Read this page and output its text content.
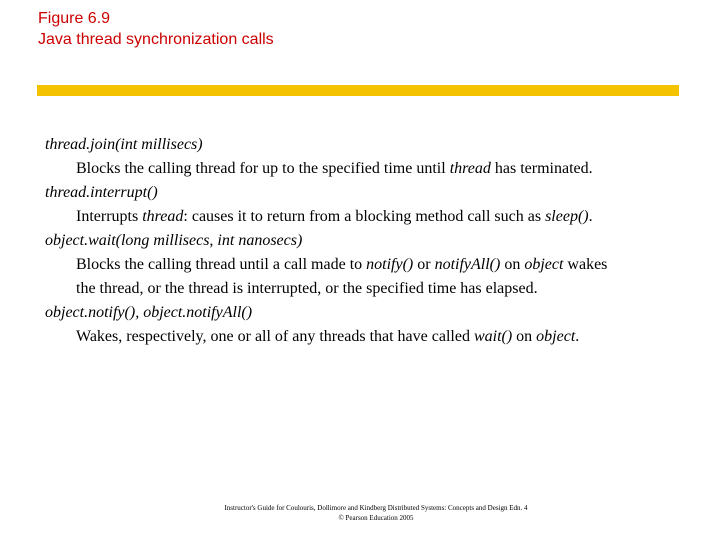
Figure 6.9
Java thread synchronization calls
thread.join(int millisecs)
Blocks the calling thread for up to the specified time until thread has terminated.
thread.interrupt()
Interrupts thread: causes it to return from a blocking method call such as sleep().
object.wait(long millisecs, int nanosecs)
Blocks the calling thread until a call made to notify() or notifyAll() on object wakes
the thread, or the thread is interrupted, or the specified time has elapsed.
object.notify(), object.notifyAll()
Wakes, respectively, one or all of any threads that have called wait() on object.
Instructor's Guide for Coulouris, Dollimore and Kindberg Distributed Systems: Concepts and Design Edn. 4
© Pearson Education 2005
